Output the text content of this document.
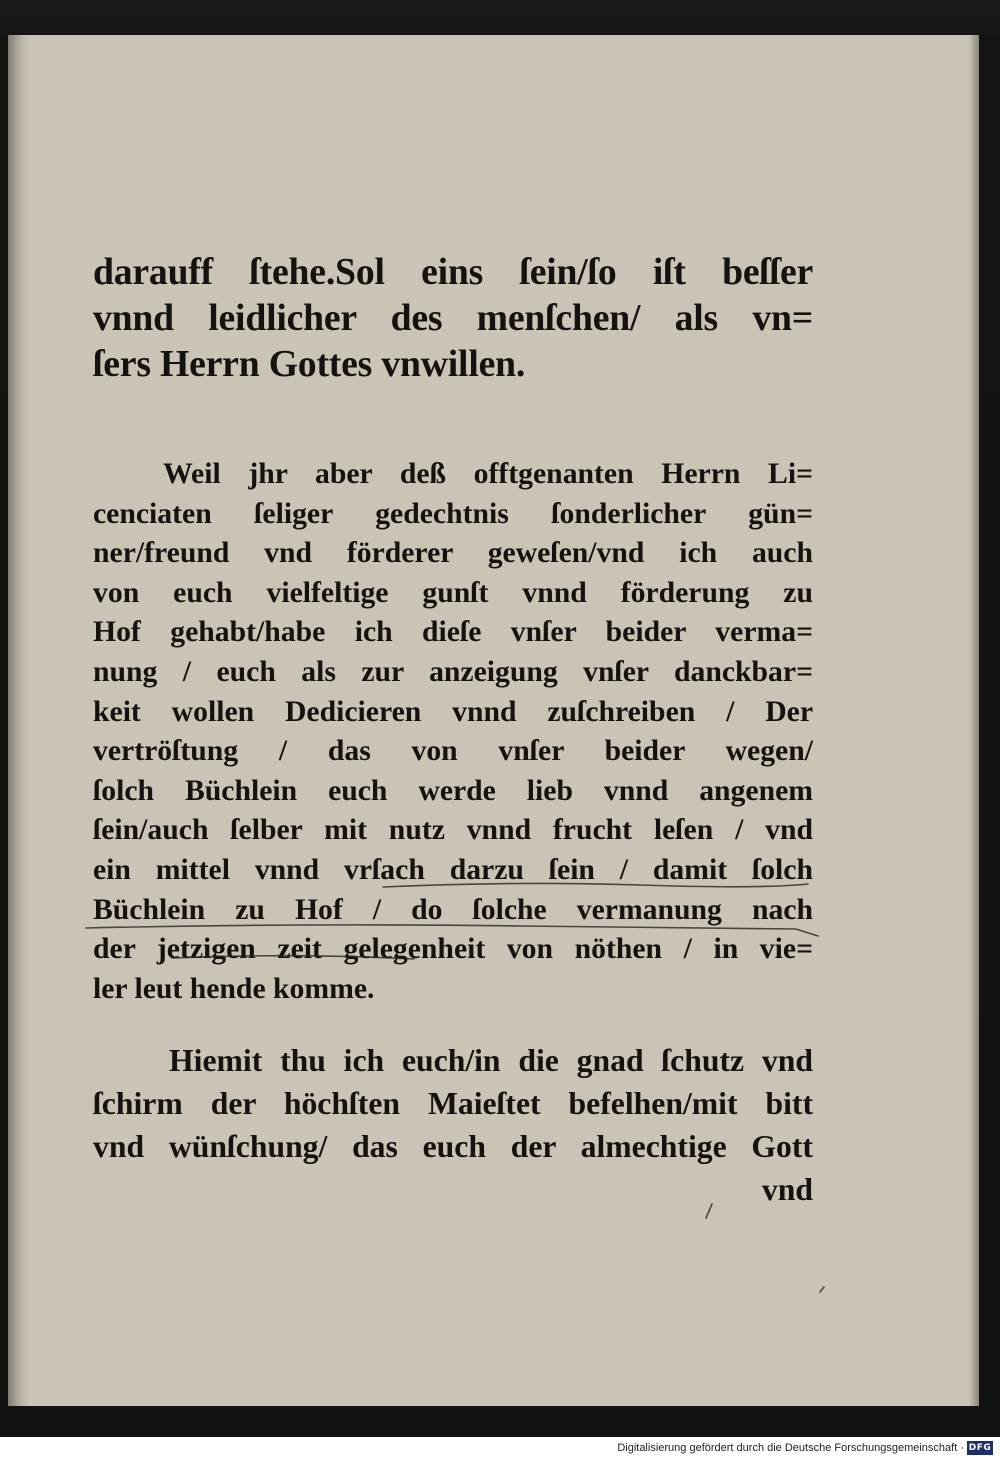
darauff ſtehe.Sol eins ſein/ſo iſt beſſer
vnnd leidlicher des menſchen/ als vn=
ſers Herrn Gottes vnwillen.
Weil jhr aber deß offtgenanten Herrn Li=
cenciaten ſeliger gedechtnis ſonderlicher gün=
ner/freund vnd förderer geweſen/vnd ich auch
von euch vielfeltige gunſt vnnd förderung zu
Hof gehabt/habe ich dieſe vnſer beider verma=
nung / euch als zur anzeigung vnſer danckbar=
keit wollen Dedicieren vnnd zuſchreiben / Der
vertröſtung / das von vnſer beider wegen/
ſolch Büchlein euch werde lieb vnnd angenem
ſein/auch ſelber mit nutz vnnd frucht leſen / vnd
ein mittel vnnd vrſach darzu ſein / damit ſolch
Büchlein zu Hof / do ſolche vermanung nach
der jetzigen zeit gelegenheit von nöthen / in vie=
ler leut hende komme.
Hiemit thu ich euch/in die gnad ſchutz vnd
ſchirm der höchſten Maieſtet befelhen/mit bitt
vnd wünſchung/ das euch der almechtige Gott
vnd
Digitalisierung gefördert durch die Deutsche Forschungsgemeinschaft · DFG
